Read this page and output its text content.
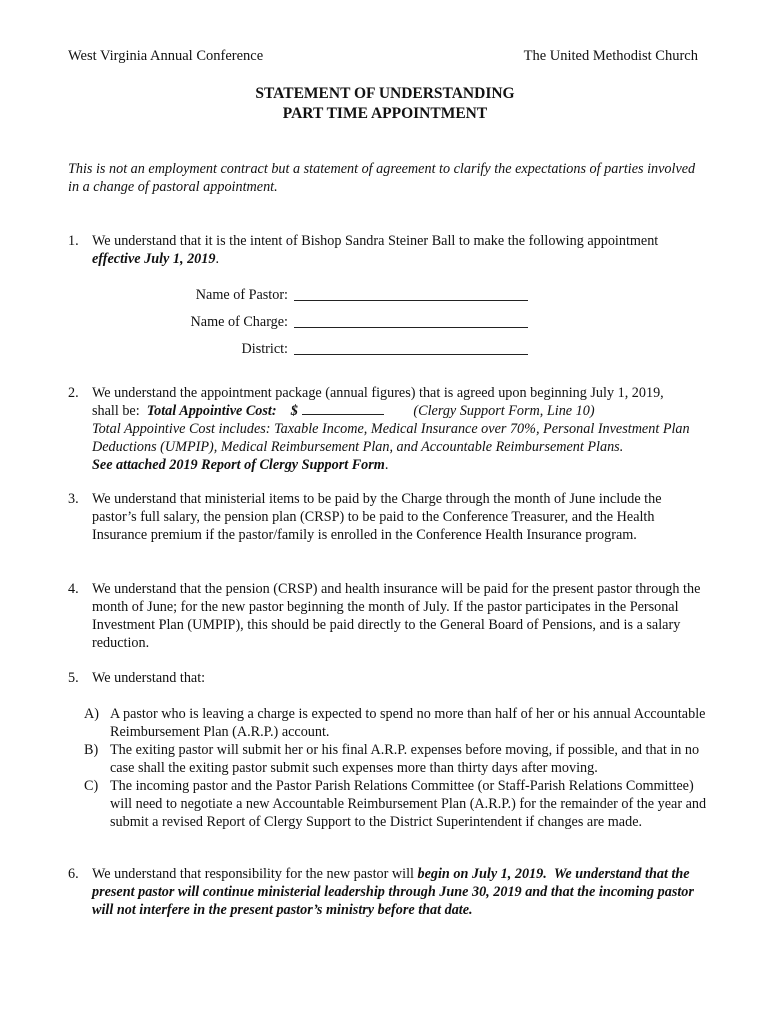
West Virginia Annual Conference	The United Methodist Church
STATEMENT OF UNDERSTANDING
PART TIME APPOINTMENT
This is not an employment contract but a statement of agreement to clarify the expectations of parties involved in a change of pastoral appointment.
1. We understand that it is the intent of Bishop Sandra Steiner Ball to make the following appointment
effective July 1, 2019.
Name of Pastor:
Name of Charge:
District:
2. We understand the appointment package (annual figures) that is agreed upon beginning July 1, 2019,
shall be: Total Appointive Cost: $	(Clergy Support Form, Line 10)
Total Appointive Cost includes: Taxable Income, Medical Insurance over 70%, Personal Investment Plan Deductions (UMPIP), Medical Reimbursement Plan, and Accountable Reimbursement Plans.
See attached 2019 Report of Clergy Support Form.
3. We understand that ministerial items to be paid by the Charge through the month of June include the pastor’s full salary, the pension plan (CRSP) to be paid to the Conference Treasurer, and the Health Insurance premium if the pastor/family is enrolled in the Conference Health Insurance program.
4. We understand that the pension (CRSP) and health insurance will be paid for the present pastor through the month of June; for the new pastor beginning the month of July. If the pastor participates in the Personal Investment Plan (UMPIP), this should be paid directly to the General Board of Pensions, and is a salary reduction.
5. We understand that:
A) A pastor who is leaving a charge is expected to spend no more than half of her or his annual Accountable Reimbursement Plan (A.R.P.) account.
B) The exiting pastor will submit her or his final A.R.P. expenses before moving, if possible, and that in no case shall the exiting pastor submit such expenses more than thirty days after moving.
C) The incoming pastor and the Pastor Parish Relations Committee (or Staff-Parish Relations Committee) will need to negotiate a new Accountable Reimbursement Plan (A.R.P.) for the remainder of the year and submit a revised Report of Clergy Support to the District Superintendent if changes are made.
6. We understand that responsibility for the new pastor will begin on July 1, 2019. We understand that the present pastor will continue ministerial leadership through June 30, 2019 and that the incoming pastor will not interfere in the present pastor’s ministry before that date.
